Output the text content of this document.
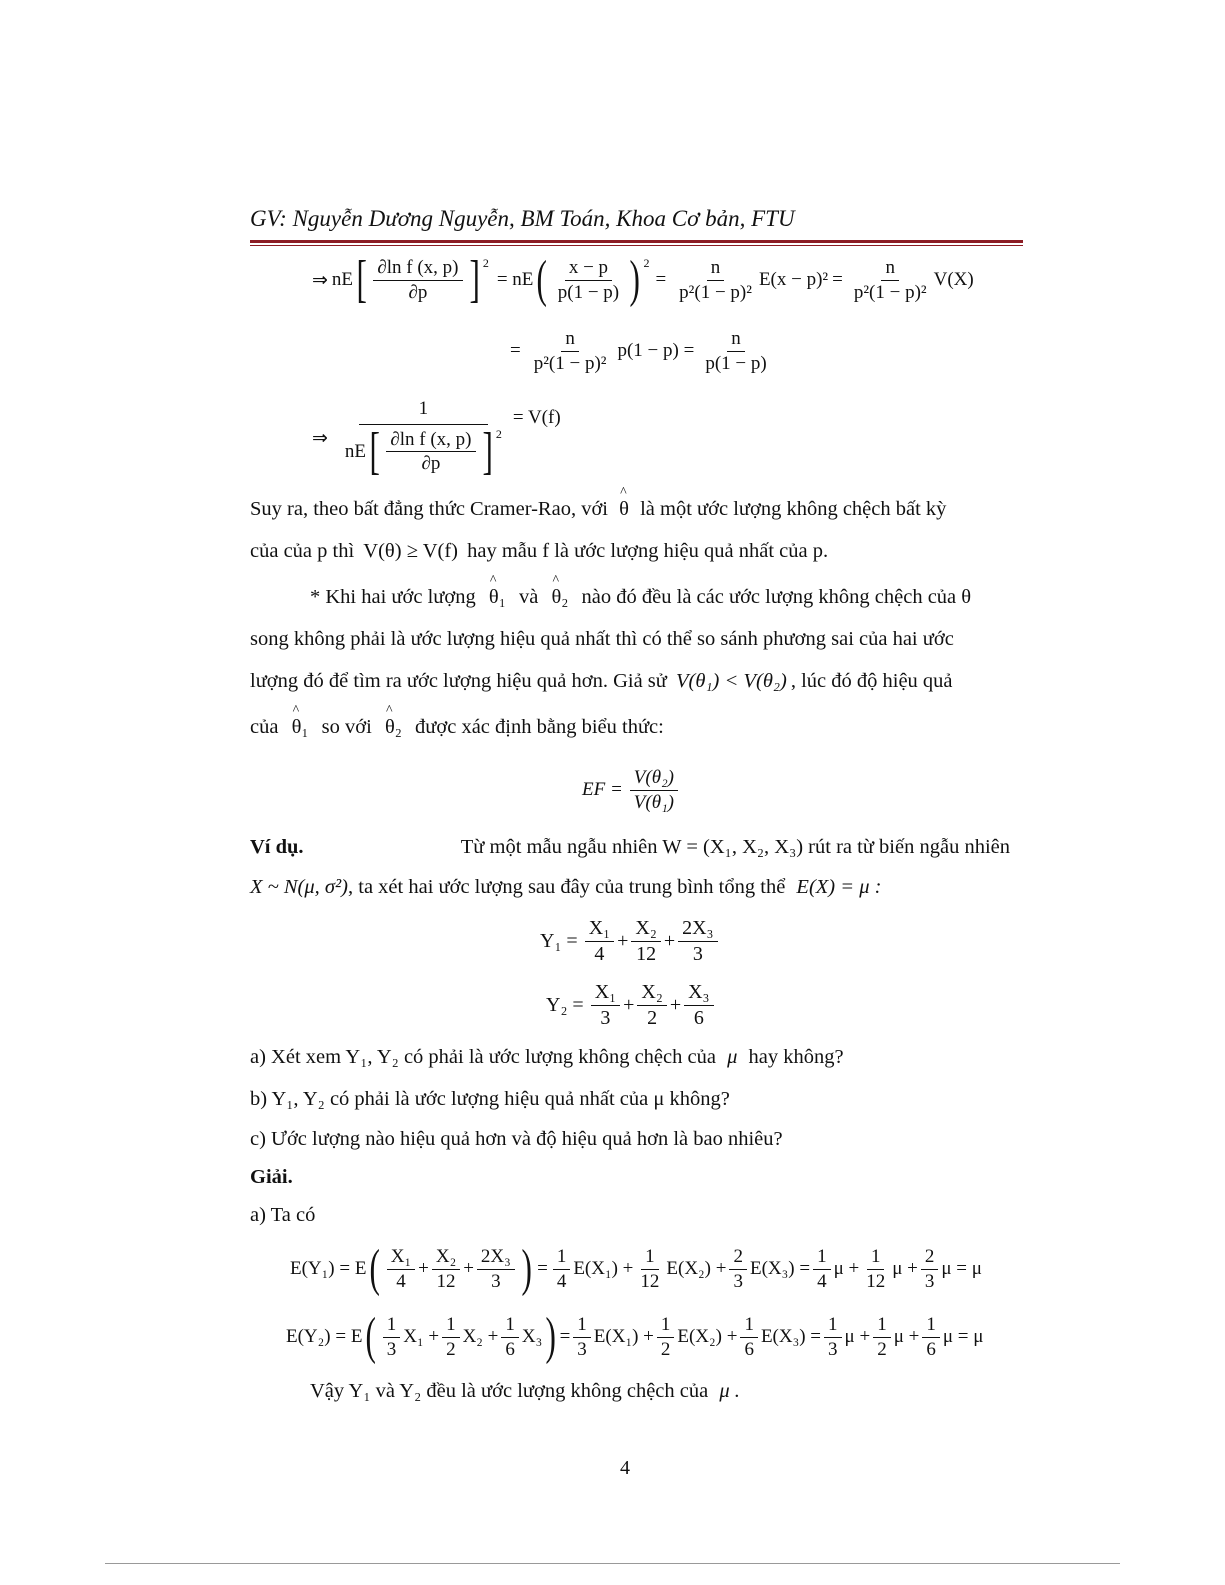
GV: Nguyễn Dương Nguyễn, BM Toán, Khoa Cơ bản, FTU
⇒ nE [ $\frac{\text{∂ln f (x, p)}}{\partial p}$ ] 2
= nE ( $\frac{x - p}{p(1 - p)}$ ) 2
= $\frac{n}{\text{p²(1 − p)²}} E(x - p)^2 = \frac{n}{\text{p²(1 − p)²}} V(X)$
= $\frac{n}{\text{p²(1 − p)²}} p(1 - p) = \frac{n}{p(1 - p)}$
⇒ $\frac{1}{nE [ \frac{\text{∂ln f (x, p)}}{\partial p} ] 2} = V(f)$
Suy ra, theo bất đẳng thức Cramer-Rao, với ^ θ là một ước lượng không chệch bất kỳ
của của p thì V(θ) ≥ V(f) hay mẫu f là ước lượng hiệu quả nhất của p.
* Khi hai ước lượng ^ θ₁ và ^ θ₂ nào đó đều là các ước lượng không chệch của θ
song không phải là ước lượng hiệu quả nhất thì có thể so sánh phương sai của hai ước
lượng đó để tìm ra ước lượng hiệu quả hơn. Giả sử V(θ₁) < V(θ₂) , lúc đó độ hiệu quả
của ^ θ₁ so với ^ θ₂ được xác định bằng biểu thức:
EF = $\frac{\text{V(θ₂)}}{\text{V(θ₁)}}$
Ví dụ.	Từ một mẫu ngẫu nhiên W = (X₁, X₂, X₃) rút ra từ biến ngẫu nhiên
X ~ N(μ, σ²), ta xét hai ước lượng sau đây của trung bình tổng thể E(X) = μ :
$Y_1 = \frac{\text{X₁}}{4} + \frac{\text{X₂}}{12} + \frac{\text{2X₃}}{3}$
$Y_2 = \frac{\text{X₁}}{3} + \frac{\text{X₂}}{2} + \frac{\text{X₃}}{6}$
a) Xét xem Y₁, Y₂ có phải là ước lượng không chệch của μ hay không?
b) Y₁, Y₂ có phải là ước lượng hiệu quả nhất của μ không?
c) Ước lượng nào hiệu quả hơn và độ hiệu quả hơn là bao nhiêu?
Giải.
a) Ta có
E(Y₁) = E ( $\frac{\text{X₁}}{4} + \frac{\text{X₂}}{12} + \frac{\text{2X₃}}{3}$ ) = $\frac{1}{4} E(X_1) + \frac{1}{12} E(X_2) + \frac{2}{3} E(X_3) = \frac{1}{4}$ $\mu + \frac{1}{12}$ $\mu + \frac{2}{3}$ μ = μ
E(Y₂) = E ( $\frac{1}{3} X_1 + \frac{1}{2} X_2 + \frac{1}{6} X_3$ ) = $\frac{1}{3} E(X_1) + \frac{1}{2} E(X_2) + \frac{1}{6} E(X_3) = \frac{1}{3}$ $\mu + \frac{1}{2}$ $\mu + \frac{1}{6}$ μ = μ
Vậy Y₁ và Y₂ đều là ước lượng không chệch của μ .
4
